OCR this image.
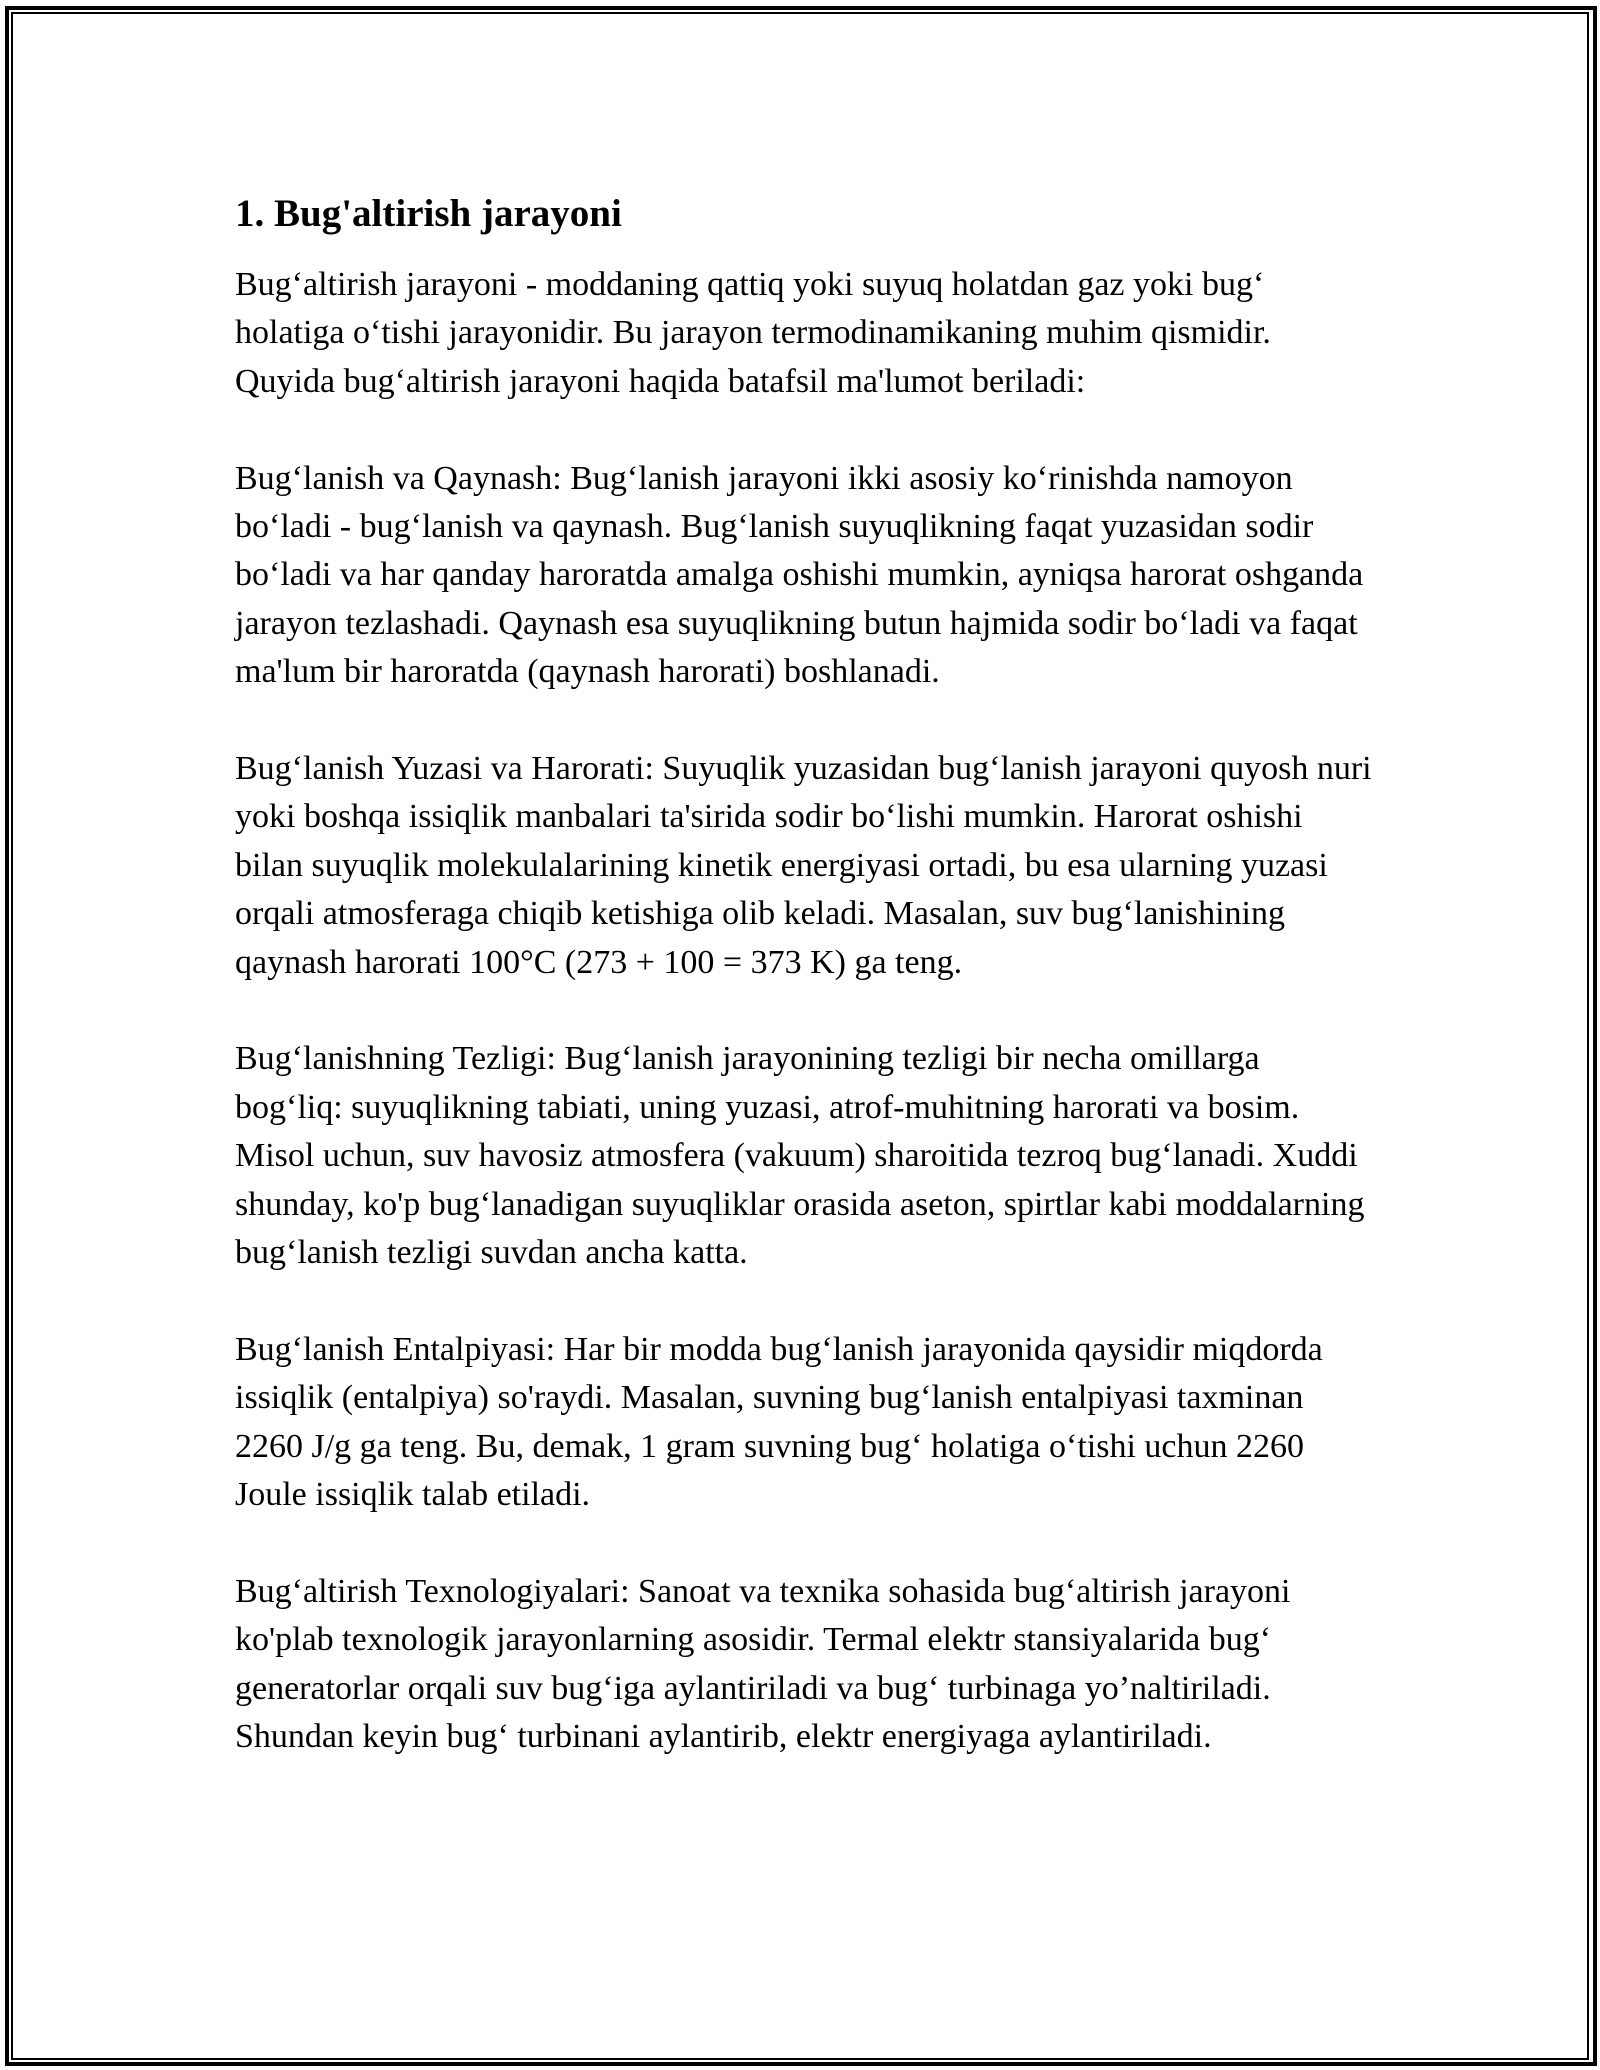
1. Bug'altirish jarayoni

Bug‘altirish jarayoni - moddaning qattiq yoki suyuq holatdan gaz yoki bug‘ holatiga o‘tishi jarayonidir. Bu jarayon termodinamikaning muhim qismidir. Quyida bug‘altirish jarayoni haqida batafsil ma'lumot beriladi:

Bug‘lanish va Qaynash: Bug‘lanish jarayoni ikki asosiy ko‘rinishda namoyon bo‘ladi - bug‘lanish va qaynash. Bug‘lanish suyuqlikning faqat yuzasidan sodir bo‘ladi va har qanday haroratda amalga oshishi mumkin, ayniqsa harorat oshganda jarayon tezlashadi. Qaynash esa suyuqlikning butun hajmida sodir bo‘ladi va faqat ma'lum bir haroratda (qaynash harorati) boshlanadi.

Bug‘lanish Yuzasi va Harorati: Suyuqlik yuzasidan bug‘lanish jarayoni quyosh nuri yoki boshqa issiqlik manbalari ta'sirida sodir bo‘lishi mumkin. Harorat oshishi bilan suyuqlik molekulalarining kinetik energiyasi ortadi, bu esa ularning yuzasi orqali atmosferaga chiqib ketishiga olib keladi. Masalan, suv bug‘lanishining qaynash harorati 100°C (273 + 100 = 373 K) ga teng.

Bug‘lanishning Tezligi: Bug‘lanish jarayonining tezligi bir necha omillarga bog‘liq: suyuqlikning tabiati, uning yuzasi, atrof-muhitning harorati va bosim. Misol uchun, suv havosiz atmosfera (vakuum) sharoitida tezroq bug‘lanadi. Xuddi shunday, ko'p bug‘lanadigan suyuqliklar orasida aseton, spirtlar kabi moddalarning bug‘lanish tezligi suvdan ancha katta.

Bug‘lanish Entalpiyasi: Har bir modda bug‘lanish jarayonida qaysidir miqdorda issiqlik (entalpiya) so'raydi. Masalan, suvning bug‘lanish entalpiyasi taxminan 2260 J/g ga teng. Bu, demak, 1 gram suvning bug‘ holatiga o‘tishi uchun 2260 Joule issiqlik talab etiladi.

Bug‘altirish Texnologiyalari: Sanoat va texnika sohasida bug‘altirish jarayoni ko'plab texnologik jarayonlarning asosidir. Termal elektr stansiyalarida bug‘ generatorlar orqali suv bug‘iga aylantiriladi va bug‘ turbinaga yo’naltiriladi. Shundan keyin bug‘ turbinani aylantirib, elektr energiyaga aylantiriladi.
